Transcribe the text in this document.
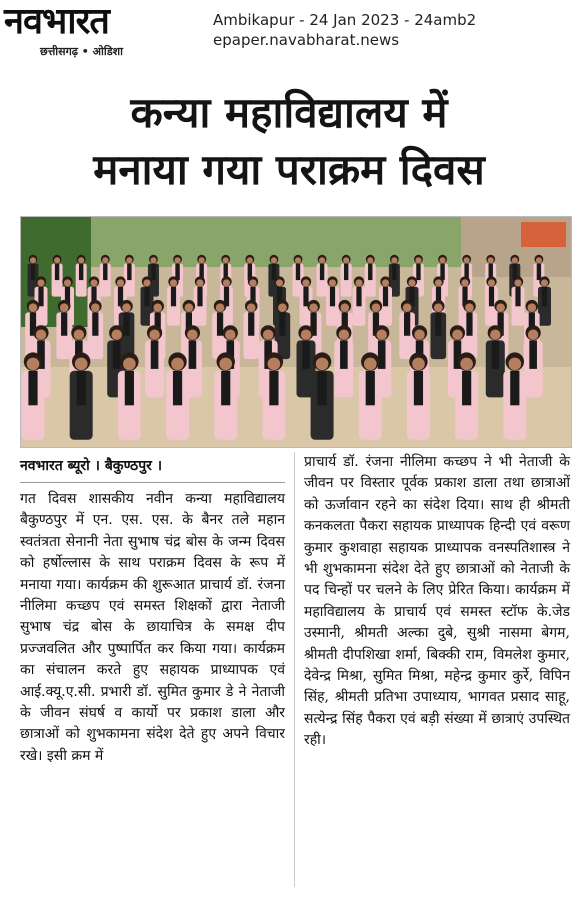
नवभारत
छत्तीसगढ़ • ओडिशा
Ambikapur - 24 Jan 2023 - 24amb2
epaper.navabharat.news
कन्या महाविद्यालय में
मनाया गया पराक्रम दिवस
नवभारत ब्यूरो । बैकुण्ठपुर ।

गत दिवस शासकीय नवीन कन्या महाविद्यालय बैकुण्ठपुर में एन. एस. एस. के बैनर तले महान स्वतंत्रता सेनानी नेता सुभाष चंद्र बोस के जन्म दिवस को हर्षोल्लास के साथ पराक्रम दिवस के रूप में मनाया गया। कार्यक्रम की शुरूआत प्राचार्य डॉ. रंजना नीलिमा कच्छप एवं समस्त शिक्षकों द्वारा नेताजी सुभाष चंद्र बोस के छायाचित्र के समक्ष दीप प्रज्जवलित और पुष्पार्पित कर किया गया। कार्यक्रम का संचालन करते हुए सहायक प्राध्यापक एवं आई.क्यू.ए.सी. प्रभारी डॉ. सुमित कुमार डे ने नेताजी के जीवन संघर्ष व कार्यो पर प्रकाश डाला और छात्राओं को शुभकामना संदेश देते हुए अपने विचार रखे। इसी क्रम में

प्राचार्य डॉ. रंजना नीलिमा कच्छप ने भी नेताजी के जीवन पर विस्तार पूर्वक प्रकाश डाला तथा छात्राओं को ऊर्जावान रहने का संदेश दिया। साथ ही श्रीमती कनकलता पैकरा सहायक प्राध्यापक हिन्दी एवं वरूण कुमार कुशवाहा सहायक प्राध्यापक वनस्पतिशास्त्र ने भी शुभकामना संदेश देते हुए छात्राओं को नेताजी के पद चिन्हों पर चलने के लिए प्रेरित किया। कार्यक्रम में महाविद्यालय के प्राचार्य एवं समस्त स्टॉफ के.जेड उस्मानी, श्रीमती अल्का दुबे, सुश्री नासमा बेगम, श्रीमती दीपशिखा शर्मा, बिक्की राम, विमलेश कुमार, देवेन्द्र मिश्रा, सुमित मिश्रा, महेन्द्र कुमार कुर्रे, विपिन सिंह, श्रीमती प्रतिभा उपाध्याय, भागवत प्रसाद साहू, सत्येन्द्र सिंह पैकरा एवं बड़ी संख्या में छात्राएं उपस्थित रही।
